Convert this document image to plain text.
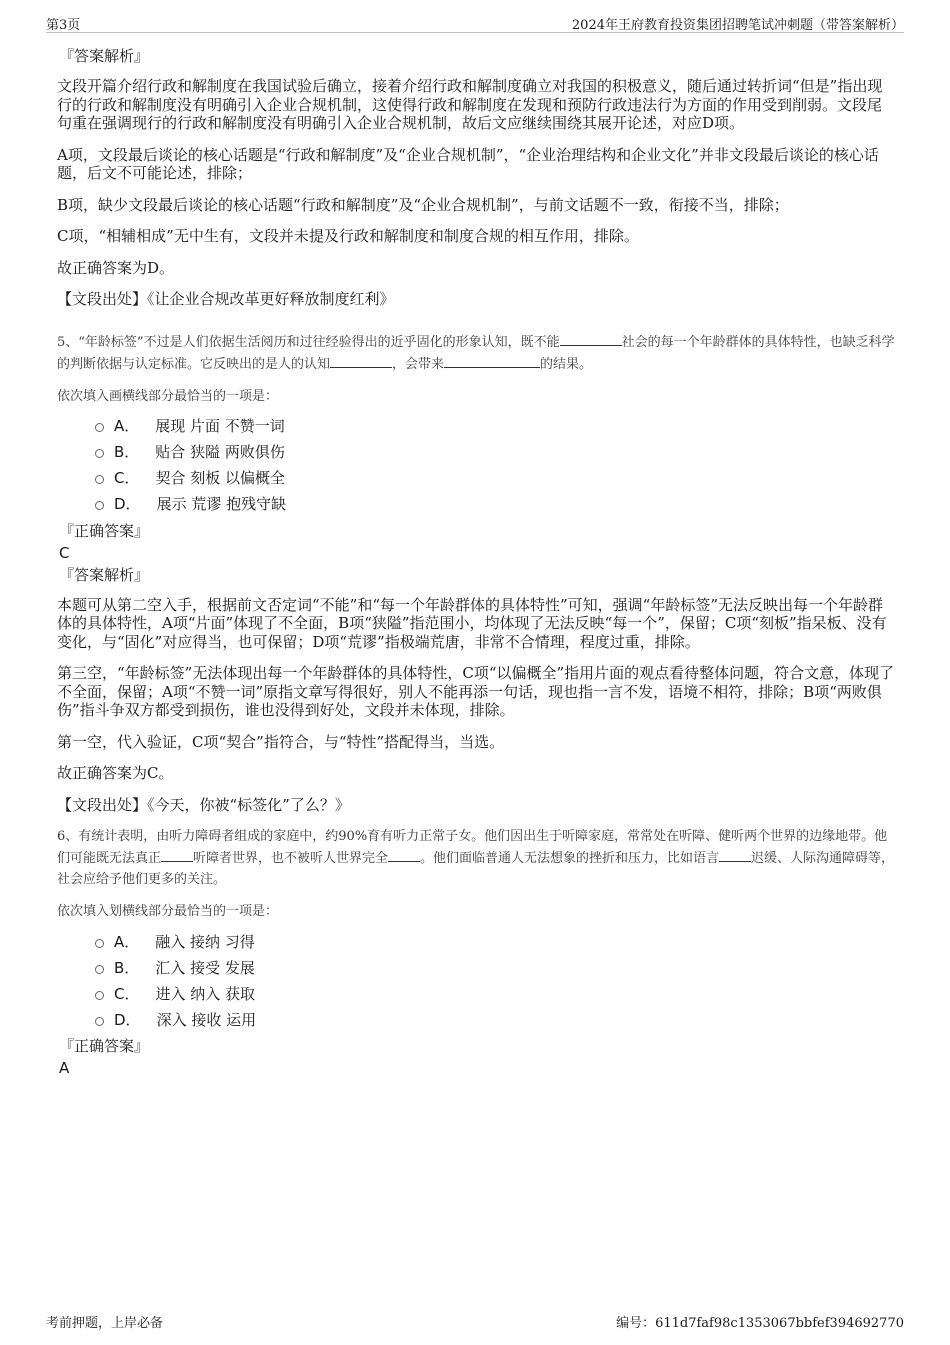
第3页	2024年王府教育投资集团招聘笔试冲刺题（带答案解析）
『答案解析』

文段开篇介绍行政和解制度在我国试验后确立，接着介绍行政和解制度确立对我国的积极意义，随后通过转折词“但是”指出现行的行政和解制度没有明确引入企业合规机制，这使得行政和解制度在发现和预防行政违法行为方面的作用受到削弱。文段尾句重在强调现行的行政和解制度没有明确引入企业合规机制，故后文应继续围绕其展开论述，对应D项。

A项，文段最后谈论的核心话题是“行政和解制度”及“企业合规机制”，“企业治理结构和企业文化”并非文段最后谈论的核心话题，后文不可能论述，排除；

B项，缺少文段最后谈论的核心话题“行政和解制度”及“企业合规机制”，与前文话题不一致，衔接不当，排除；

C项，“相辅相成”无中生有，文段并未提及行政和解制度和制度合规的相互作用，排除。

故正确答案为D。

【文段出处】《让企业合规改革更好释放制度红利》

5、“年龄标签”不过是人们依据生活阅历和过往经验得出的近乎固化的形象认知，既不能	社会的每一个年龄群体的具体特性，也缺乏科学的判断依据与认定标准。它反映出的是人的认知	，会带来	的结果。

依次填入画横线部分最恰当的一项是：

A． 展现 片面 不赞一词
B． 贴合 狭隘 两败俱伤
C． 契合 刻板 以偏概全
D． 展示 荒谬 抱残守缺
『正确答案』
C
『答案解析』

本题可从第二空入手，根据前文否定词“不能”和“每一个年龄群体的具体特性”可知，强调“年龄标签”无法反映出每一个年龄群体的具体特性，A项“片面”体现了不全面，B项“狭隘”指范围小，均体现了无法反映“每一个”，保留；C项“刻板”指呆板、没有变化，与“固化”对应得当，也可保留；D项“荒谬”指极端荒唐，非常不合情理，程度过重，排除。

第三空，“年龄标签”无法体现出每一个年龄群体的具体特性，C项“以偏概全”指用片面的观点看待整体问题，符合文意，体现了不全面，保留；A项“不赞一词”原指文章写得很好，别人不能再添一句话，现也指一言不发，语境不相符，排除；B项“两败俱伤”指斗争双方都受到损伤，谁也没得到好处，文段并未体现，排除。

第一空，代入验证，C项“契合”指符合，与“特性”搭配得当，当选。

故正确答案为C。

【文段出处】《今天，你被“标签化”了么？》

6、有统计表明，由听力障碍者组成的家庭中，约90%育有听力正常子女。他们因出生于听障家庭，常常处在听障、健听两个世界的边缘地带。他们可能既无法真正 听障者世界，也不被听人世界完全 。他们面临普通人无法想象的挫折和压力，比如语言 迟缓、人际沟通障碍等，社会应给予他们更多的关注。

依次填入划横线部分最恰当的一项是：

A． 融入 接纳 习得
B． 汇入 接受 发展
C． 进入 纳入 获取
D． 深入 接收 运用
『正确答案』
A
考前押题，上岸必备	编号：611d7faf98c1353067bbfef394692770
